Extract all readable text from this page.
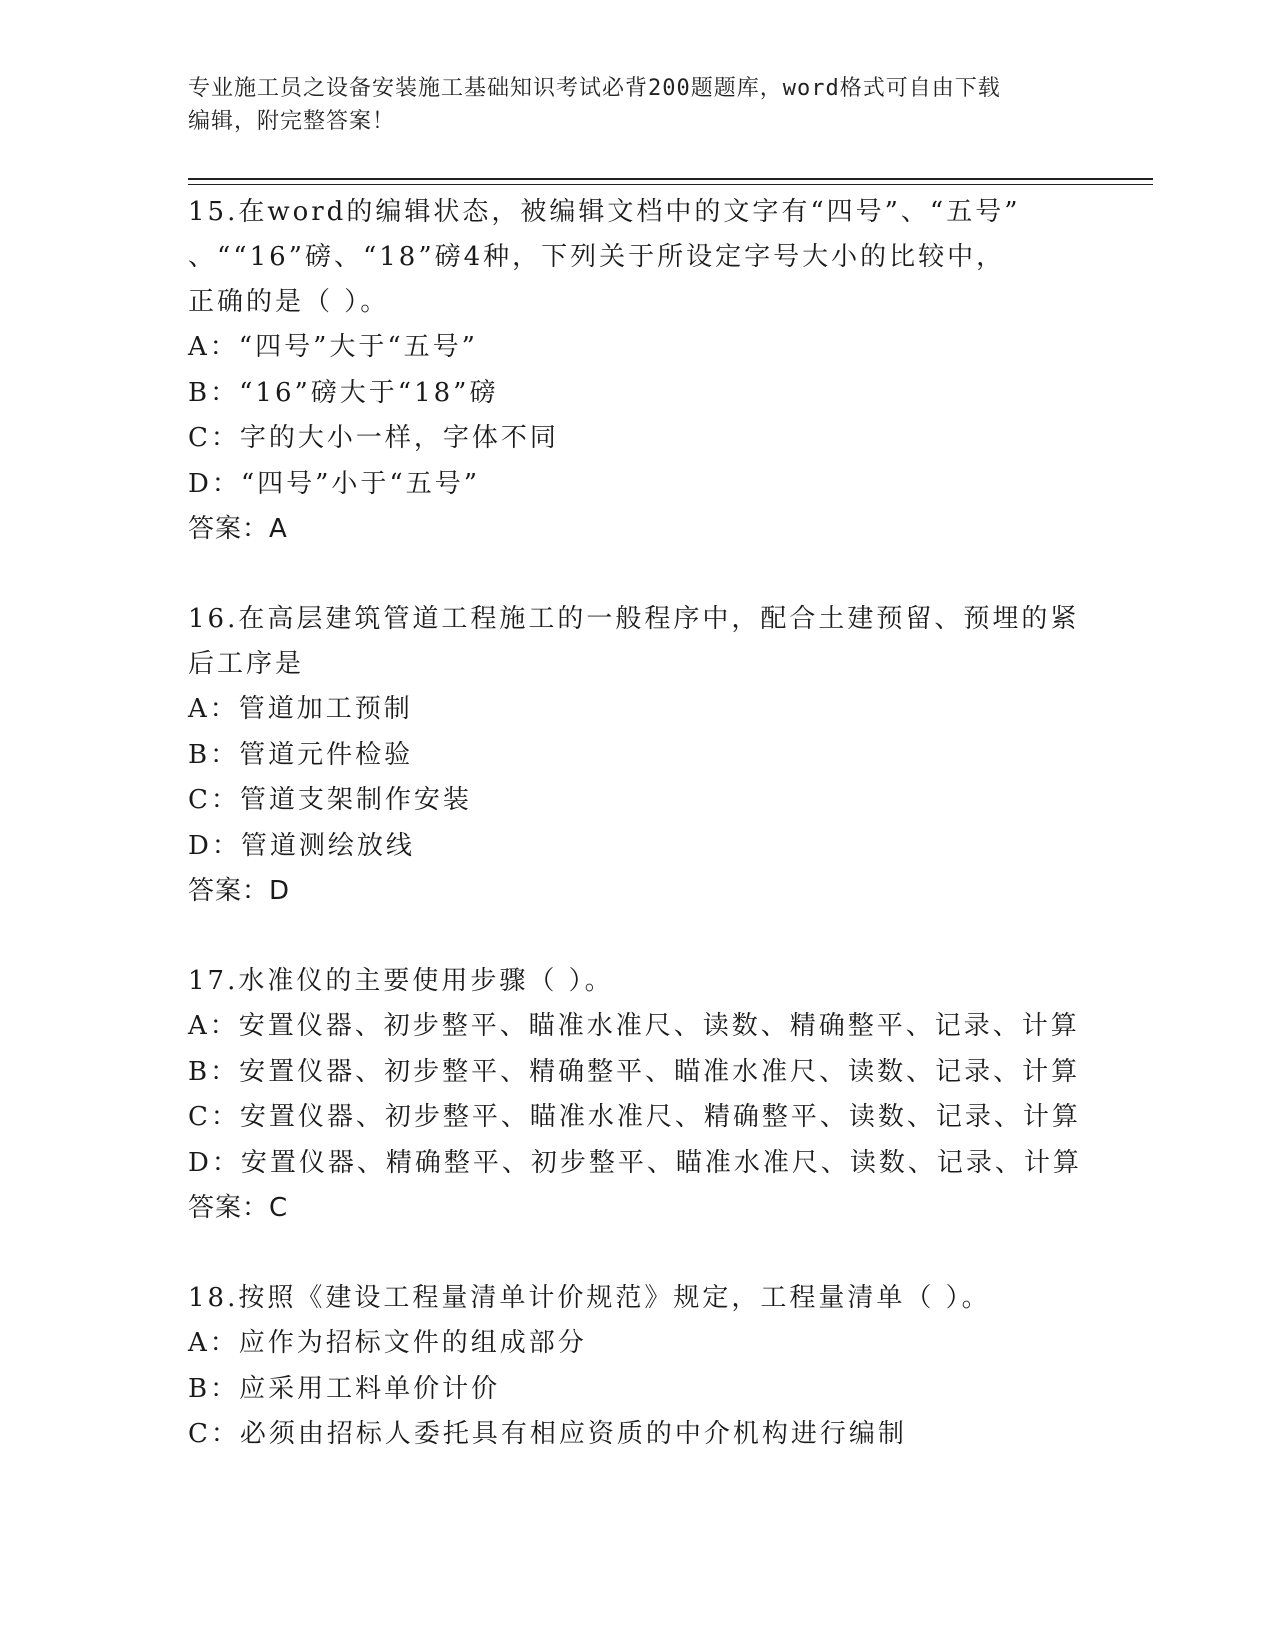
专业施工员之设备安装施工基础知识考试必背200题题库，word格式可自由下载
编辑，附完整答案！
15.在word的编辑状态，被编辑文档中的文字有“四号”、“五号”
、““16”磅、“18”磅4种，下列关于所设定字号大小的比较中，
正确的是（ ）。
A：“四号”大于“五号”
B：“16”磅大于“18”磅
C：字的大小一样，字体不同
D：“四号”小于“五号”
答案：A
16.在高层建筑管道工程施工的一般程序中，配合土建预留、预埋的紧
后工序是
A：管道加工预制
B：管道元件检验
C：管道支架制作安装
D：管道测绘放线
答案：D
17.水准仪的主要使用步骤（ ）。
A：安置仪器、初步整平、瞄准水准尺、读数、精确整平、记录、计算
B：安置仪器、初步整平、精确整平、瞄准水准尺、读数、记录、计算
C：安置仪器、初步整平、瞄准水准尺、精确整平、读数、记录、计算
D：安置仪器、精确整平、初步整平、瞄准水准尺、读数、记录、计算
答案：C
18.按照《建设工程量清单计价规范》规定，工程量清单（ ）。
A：应作为招标文件的组成部分
B：应采用工料单价计价
C：必须由招标人委托具有相应资质的中介机构进行编制
